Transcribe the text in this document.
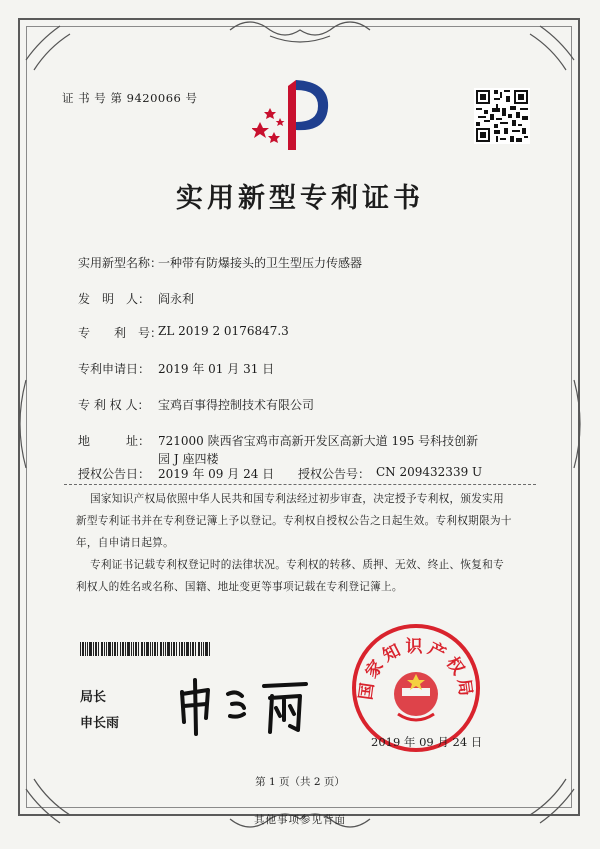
证 书 号 第 9420066 号
实用新型专利证书
实用新型名称：
一种带有防爆接头的卫生型压力传感器
发　明　人： 阎永利
专　　利　号：
ZL 2019 2 0176847.3
专利申请日： 2019 年 01 月 31 日
专 利 权 人： 宝鸡百事得控制技术有限公司
地　　　址： 721000 陕西省宝鸡市高新开发区高新大道 195 号科技创新
园 J 座四楼
授权公告日： 2019 年 09 月 24 日 授权公告号： CN 209432339 U
国家知识产权局依照中华人民共和国专利法经过初步审查，决定授予专利权，颁发实用
新型专利证书并在专利登记簿上予以登记。专利权自授权公告之日起生效。专利权期限为十
年，自申请日起算。
专利证书记载专利权登记时的法律状况。专利权的转移、质押、无效、终止、恢复和专
利权人的姓名或名称、国籍、地址变更等事项记载在专利登记簿上。
局长
申长雨
国家知识产权局
2019 年 09 月 24 日
第 1 页（共 2 页）
其他事项参见背面
